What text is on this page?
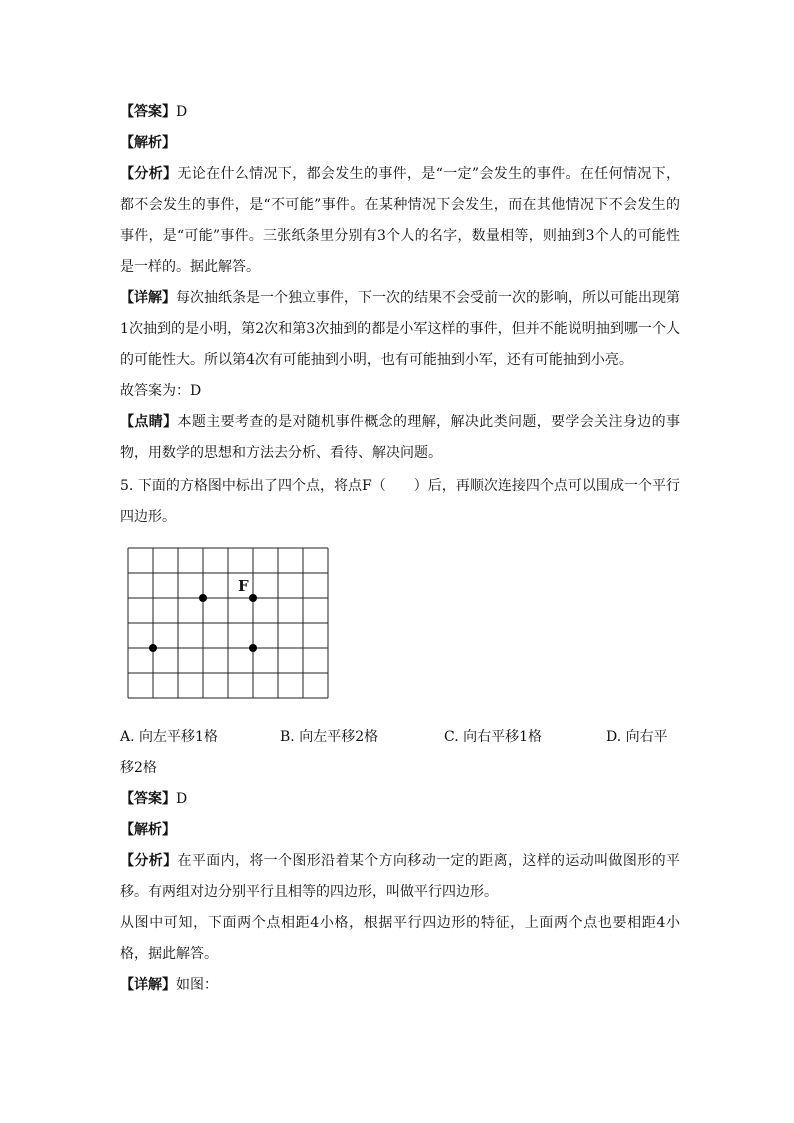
【答案】D
【解析】
【分析】无论在什么情况下，都会发生的事件，是“一定”会发生的事件。在任何情况下，都不会发生的事件，是“不可能”事件。在某种情况下会发生，而在其他情况下不会发生的事件，是“可能”事件。三张纸条里分别有3个人的名字，数量相等，则抽到3个人的可能性是一样的。据此解答。
【详解】每次抽纸条是一个独立事件，下一次的结果不会受前一次的影响，所以可能出现第1次抽到的是小明，第2次和第3次抽到的都是小军这样的事件，但并不能说明抽到哪一个人的可能性大。所以第4次有可能抽到小明，也有可能抽到小军，还有可能抽到小亮。
故答案为：D
【点睛】本题主要考查的是对随机事件概念的理解，解决此类问题，要学会关注身边的事物，用数学的思想和方法去分析、看待、解决问题。
5. 下面的方格图中标出了四个点，将点F（　　）后，再顺次连接四个点可以围成一个平行四边形。
F
A. 向左平移1格	B. 向左平移2格	C. 向右平移1格	D. 向右平
移2格
【答案】D
【解析】
【分析】在平面内，将一个图形沿着某个方向移动一定的距离，这样的运动叫做图形的平移。有两组对边分别平行且相等的四边形，叫做平行四边形。
从图中可知，下面两个点相距4小格，根据平行四边形的特征，上面两个点也要相距4小格，据此解答。
【详解】如图：
